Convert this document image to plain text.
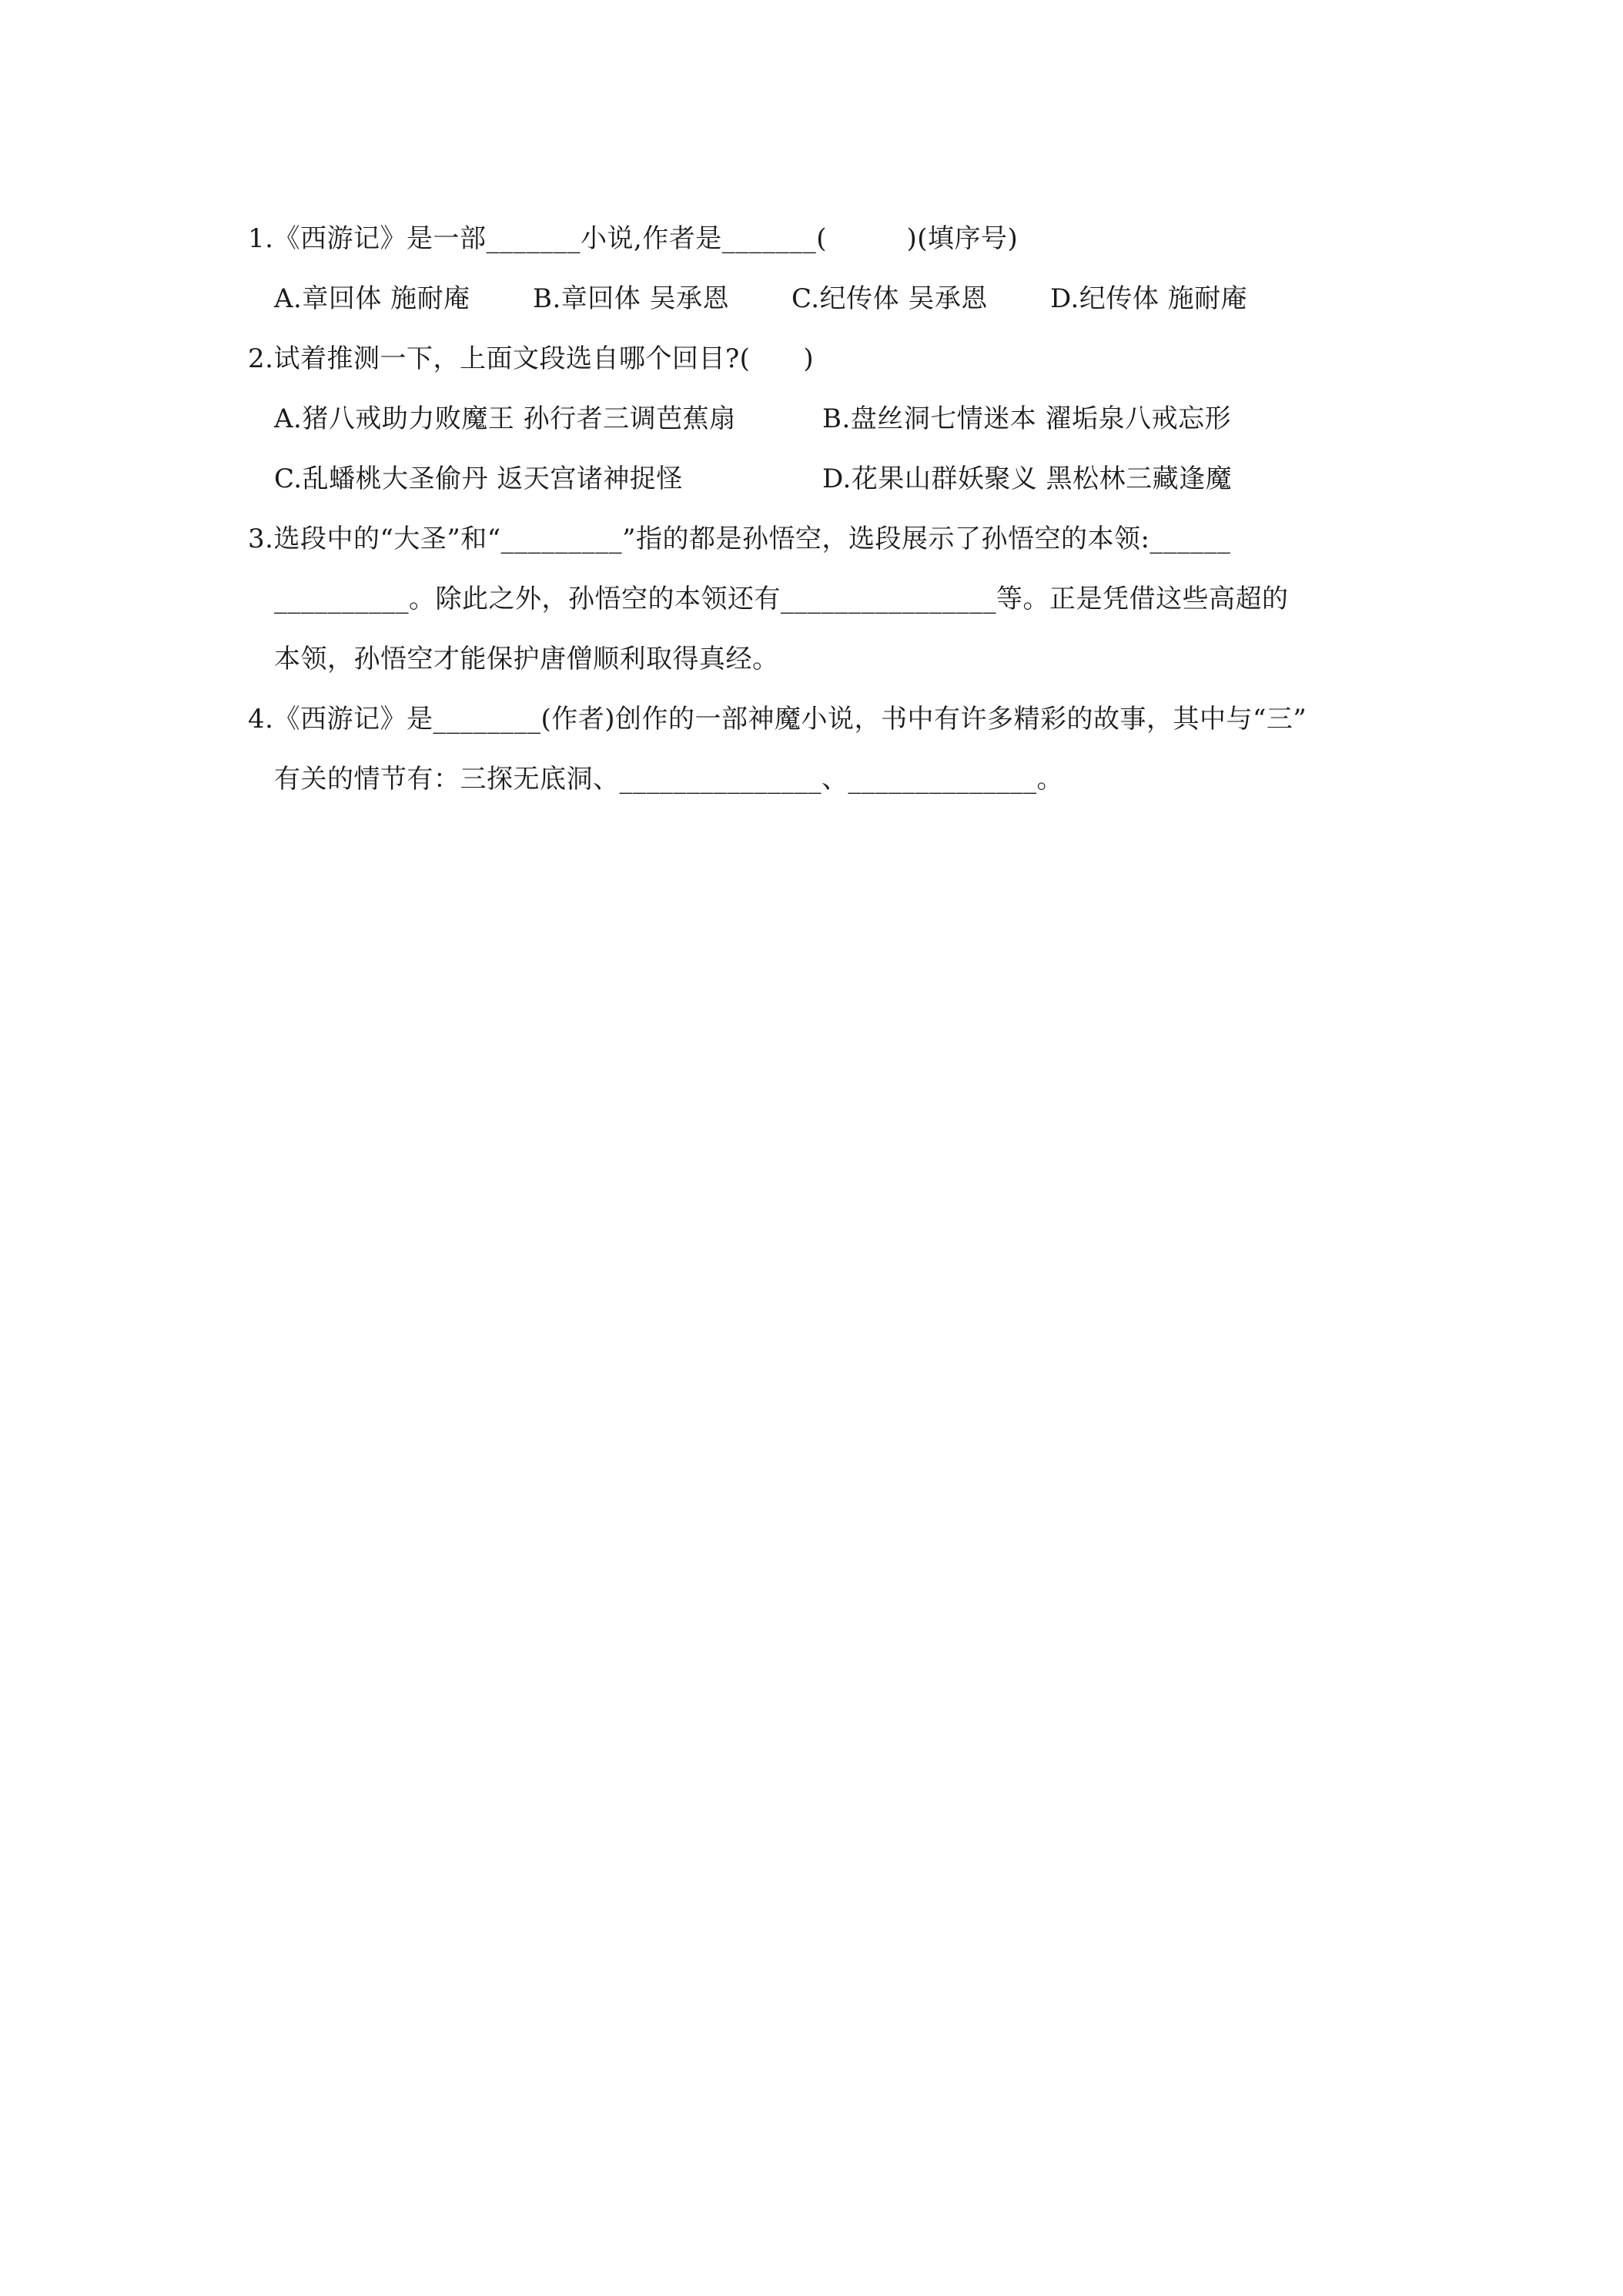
1.《西游记》是一部_______小说,作者是_______(　　　)(填序号)

A.章回体 施耐庵

B.章回体 吴承恩

C.纪传体 吴承恩

D.纪传体 施耐庵

2.试着推测一下，上面文段选自哪个回目?(　　)

A.猪八戒助力败魔王 孙行者三调芭蕉扇

	B.盘丝洞七情迷本 濯垢泉八戒忘形

C.乱蟠桃大圣偷丹 返天宫诸神捉怪

	D.花果山群妖聚义 黑松林三藏逢魔

3.选段中的“大圣”和“_________”指的都是孙悟空，选段展示了孙悟空的本领:______
__________。除此之外，孙悟空的本领还有________________等。正是凭借这些高超的
本领，孙悟空才能保护唐僧顺利取得真经。
4.《西游记》是________(作者)创作的一部神魔小说，书中有许多精彩的故事，其中与“三”
有关的情节有：三探无底洞、_______________、______________。
